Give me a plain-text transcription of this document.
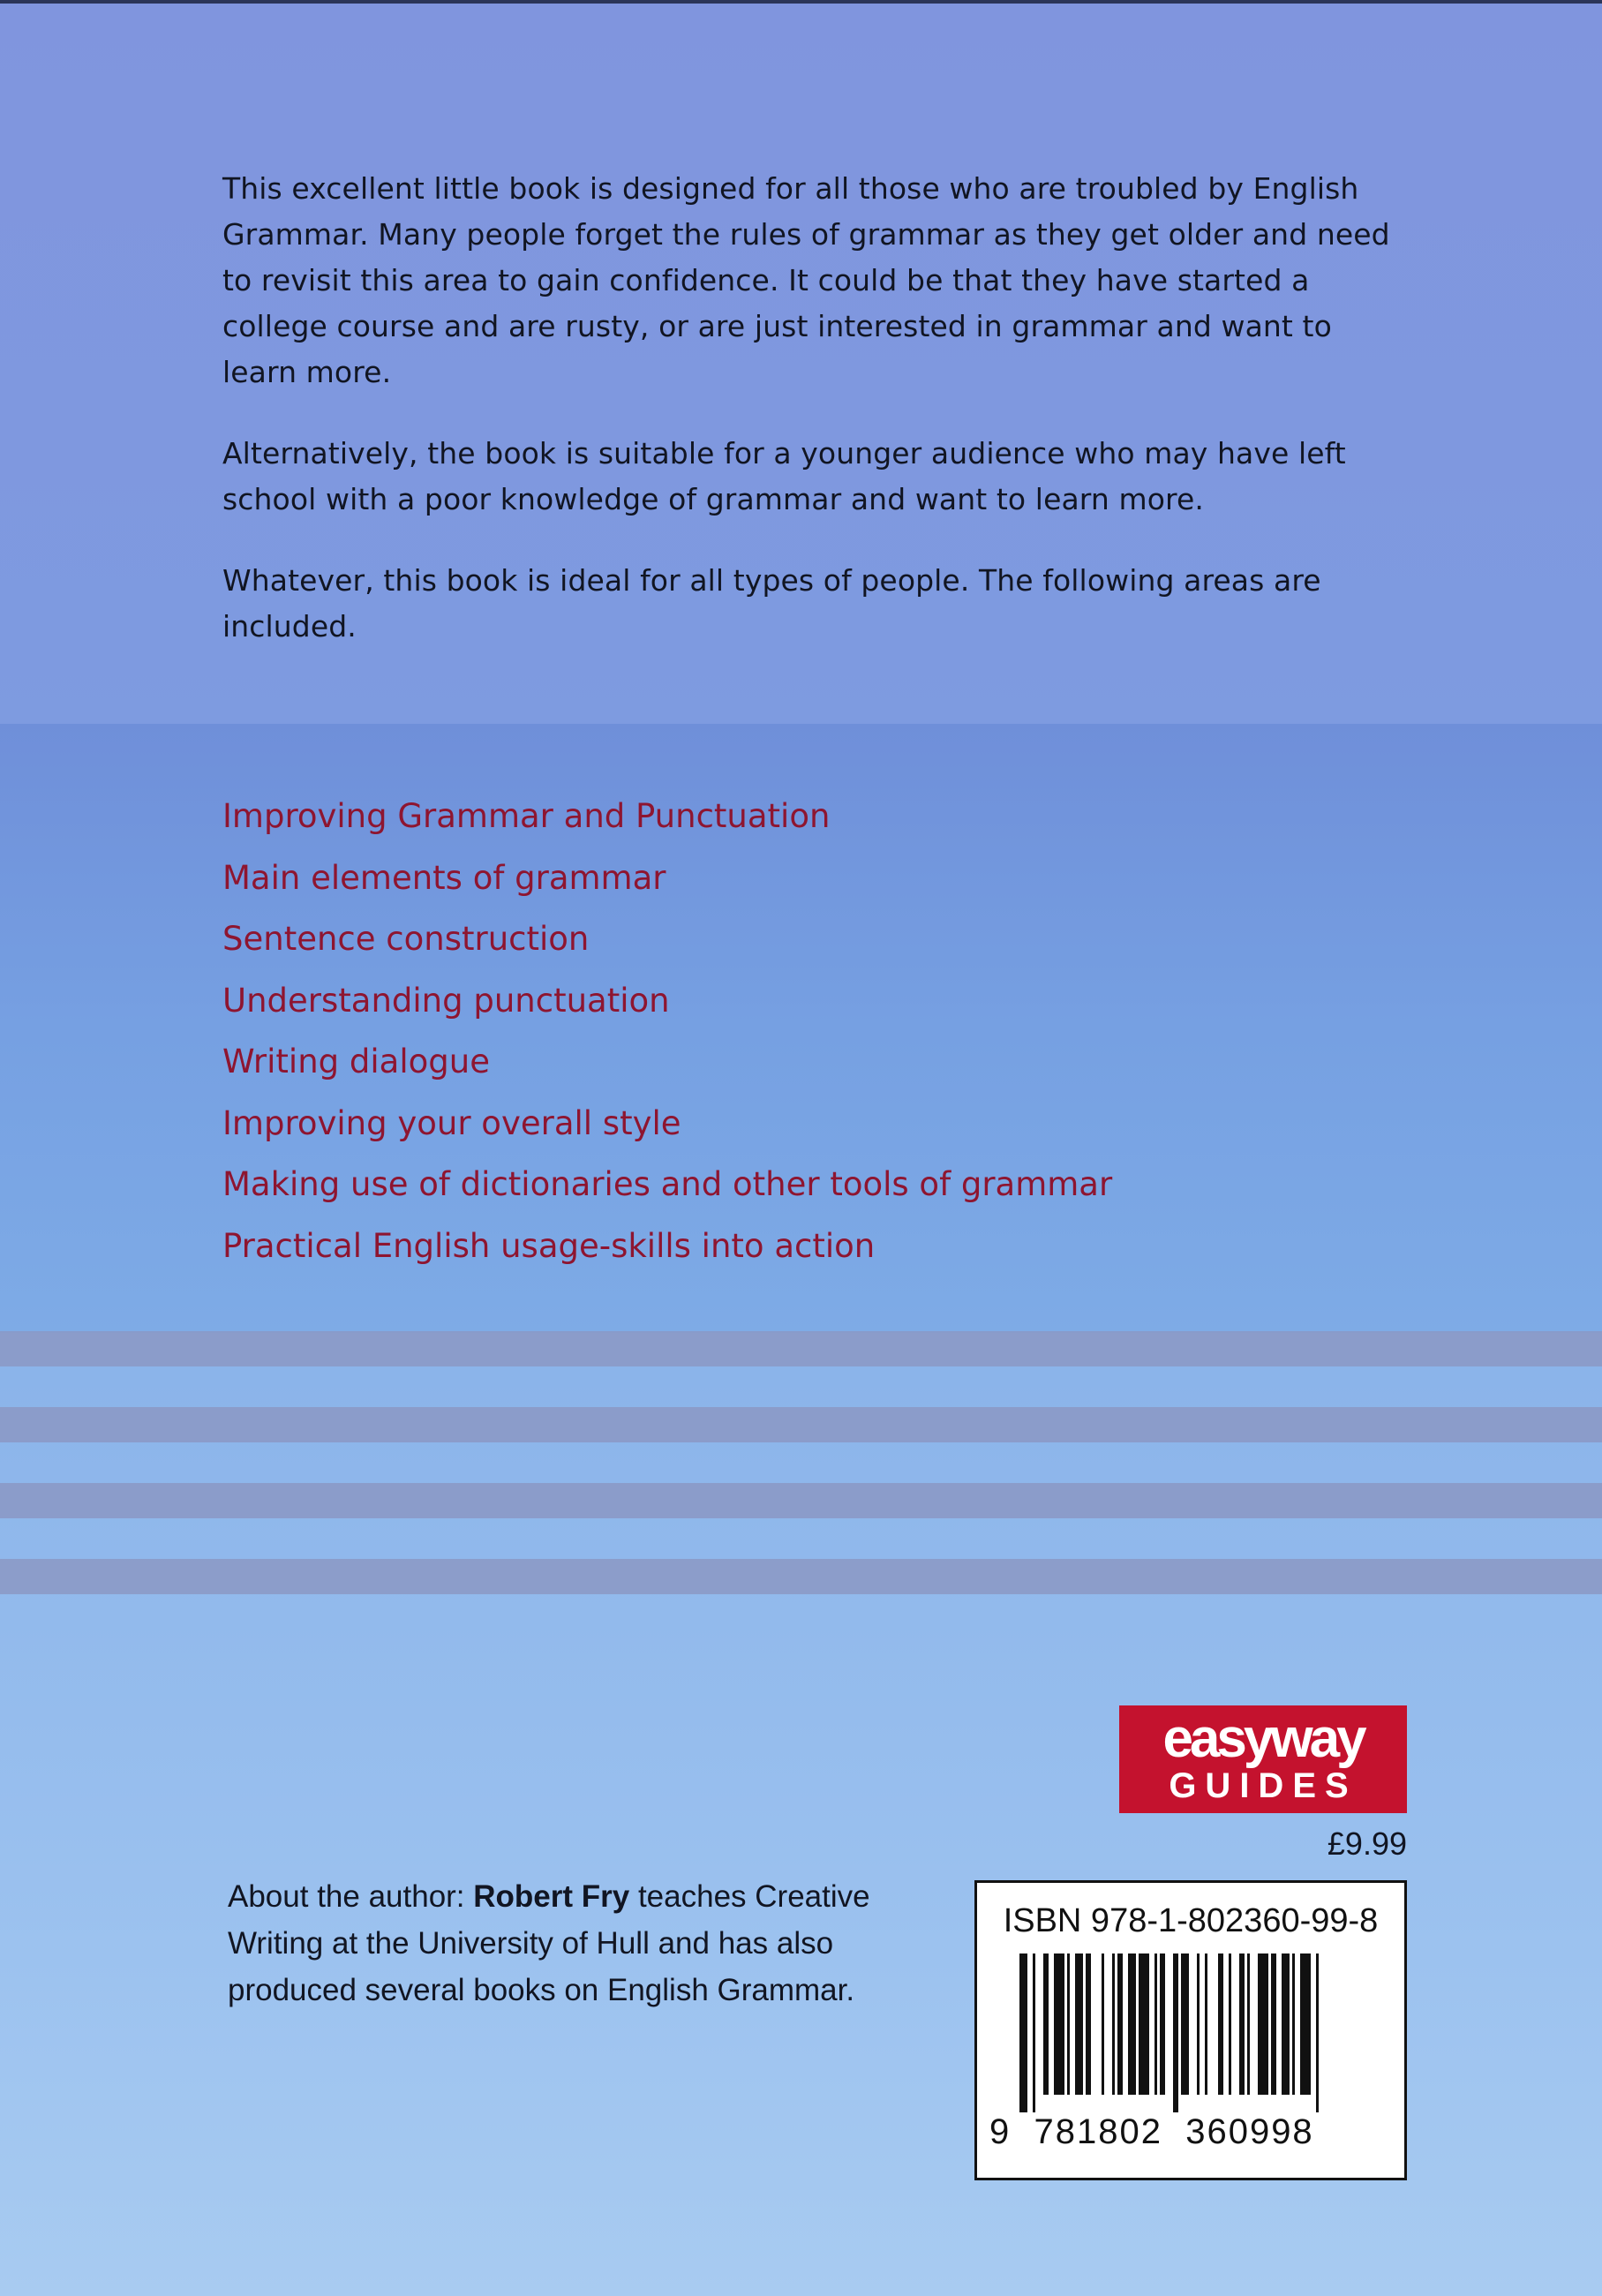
This excellent little book is designed for all those who are troubled by English Grammar. Many people forget the rules of grammar as they get older and need to revisit this area to gain confidence. It could be that they have started a college course and are rusty, or are just interested in grammar and want to learn more.

Alternatively, the book is suitable for a younger audience who may have left school with a poor knowledge of grammar and want to learn more.

Whatever, this book is ideal for all types of people. The following areas are included.

Improving Grammar and Punctuation
Main elements of grammar
Sentence construction
Understanding punctuation
Writing dialogue
Improving your overall style
Making use of dictionaries and other tools of grammar
Practical English usage-skills into action
easyway
GUIDES
£9.99
About the author: Robert Fry teaches Creative Writing at the University of Hull and has also produced several books on English Grammar.
ISBN 978-1-802360-99-8
9 781802 360998
